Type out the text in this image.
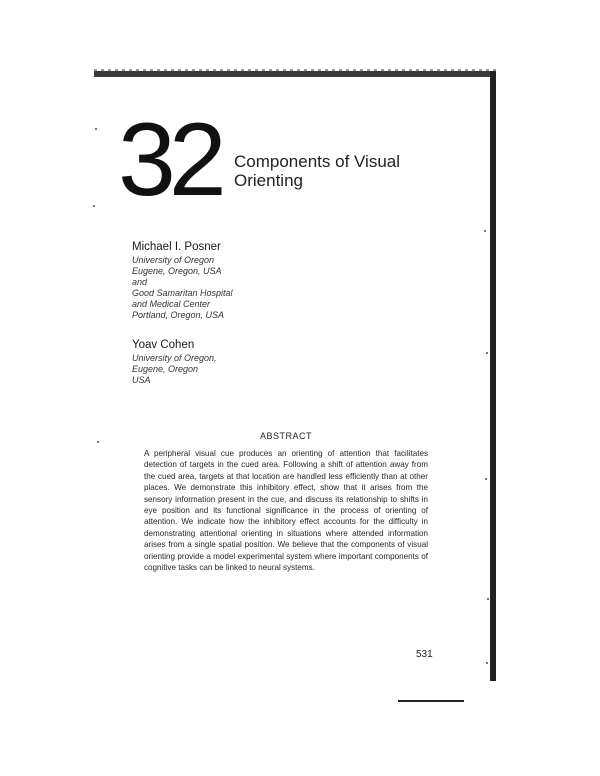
32 Components of Visual
Orienting
Michael I. Posner
University of Oregon
Eugene, Oregon, USA
and
Good Samaritan Hospital
and Medical Center
Portland, Oregon, USA
Yoav Cohen
University of Oregon,
Eugene, Oregon
USA
ABSTRACT
A peripheral visual cue produces an orienting of attention that facilitates detection of targets in the cued area. Following a shift of attention away from the cued area, targets at that location are handled less efficiently than at other places. We demonstrate this inhibitory effect, show that it arises from the sensory information present in the cue, and discuss its relationship to shifts in eye position and its functional significance in the process of orienting of attention. We indicate how the inhibitory effect accounts for the difficulty in demonstrating attentional orienting in situations where attended information arises from a single spatial position. We believe that the components of visual orienting provide a model experimental system where important components of cognitive tasks can be linked to neural systems.
531
